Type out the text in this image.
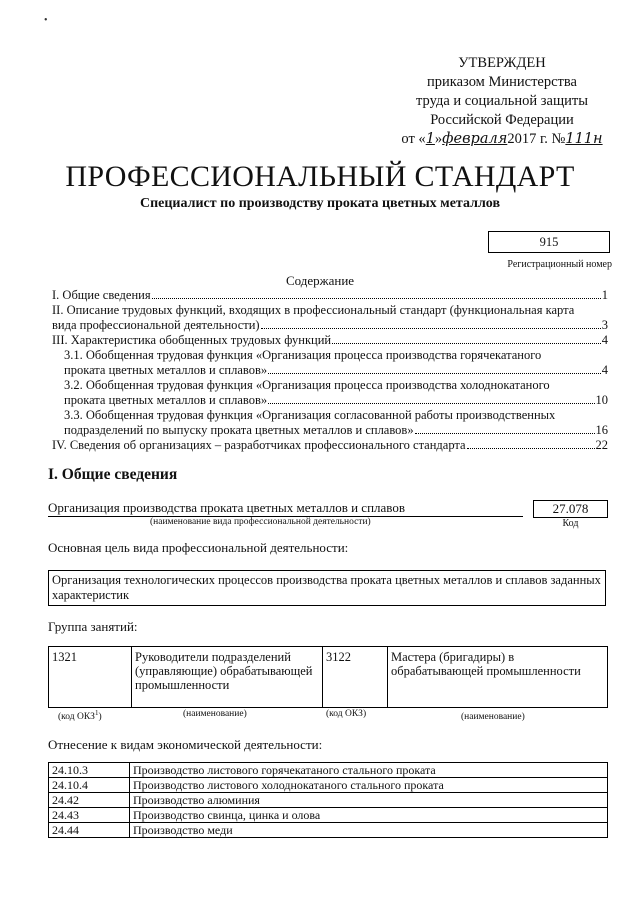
•
УТВЕРЖДЕН
приказом Министерства
труда и социальной защиты
Российской Федерации
от «1»февраля2017 г. №111н
ПРОФЕССИОНАЛЬНЫЙ СТАНДАРТ
Специалист по производству проката цветных металлов
915
Регистрационный номер
Содержание
I. Общие сведения	1
II. Описание трудовых функций, входящих в профессиональный стандарт (функциональная карта
вида профессиональной деятельности)	3
III. Характеристика обобщенных трудовых функций	4
3.1. Обобщенная трудовая функция «Организация процесса производства горячекатаного
проката цветных металлов и сплавов»	4
3.2. Обобщенная трудовая функция «Организация процесса производства холоднокатаного
проката цветных металлов и сплавов»	10
3.3. Обобщенная трудовая функция «Организация согласованной работы производственных
подразделений по выпуску проката цветных металлов и сплавов»	16
IV. Сведения об организациях – разработчиках профессионального стандарта	22
I. Общие сведения
Организация производства проката цветных металлов и сплавов
(наименование вида профессиональной деятельности)
27.078
Код
Основная цель вида профессиональной деятельности:
Организация технологических процессов производства проката цветных металлов и сплавов заданных характеристик
Группа занятий:
1321	Руководители подразделений (управляющие) обрабатывающей промышленности	3122	Мастера (бригадиры) в обрабатывающей промышленности
(код ОКЗ$^1$)	(наименование)	(код ОКЗ)	(наименование)
Отнесение к видам экономической деятельности:
24.10.3	Производство листового горячекатаного стального проката
24.10.4	Производство листового холоднокатаного стального проката
24.42	Производство алюминия
24.43	Производство свинца, цинка и олова
24.44	Производство меди
